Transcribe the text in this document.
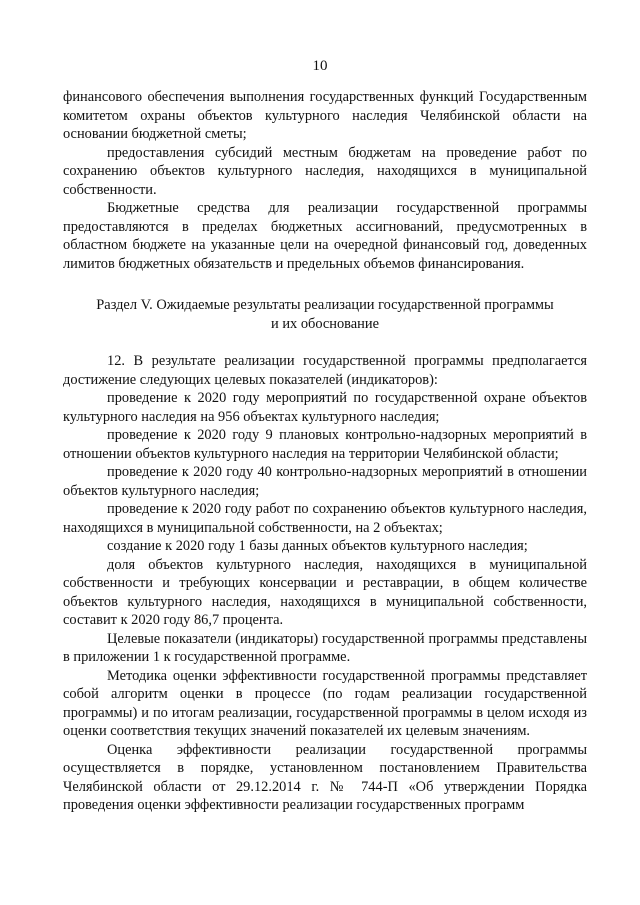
10

финансового обеспечения выполнения государственных функций Государственным комитетом охраны объектов культурного наследия Челябинской области на основании бюджетной сметы;

предоставления субсидий местным бюджетам на проведение работ по сохранению объектов культурного наследия, находящихся в муниципальной собственности.

Бюджетные средства для реализации государственной программы предоставляются в пределах бюджетных ассигнований, предусмотренных в областном бюджете на указанные цели на очередной финансовый год, доведенных лимитов бюджетных обязательств и предельных объемов финансирования.

Раздел V. Ожидаемые результаты реализации государственной программы
и их обоснование

12. В результате реализации государственной программы предполагается достижение следующих целевых показателей (индикаторов):

проведение к 2020 году мероприятий по государственной охране объектов культурного наследия на 956 объектах культурного наследия;

проведение к 2020 году 9 плановых контрольно-надзорных мероприятий в отношении объектов культурного наследия на территории Челябинской области;

проведение к 2020 году 40 контрольно-надзорных мероприятий в отношении объектов культурного наследия;

проведение к 2020 году работ по сохранению объектов культурного наследия, находящихся в муниципальной собственности, на 2 объектах;

создание к 2020 году 1 базы данных объектов культурного наследия;

доля объектов культурного наследия, находящихся в муниципальной собственности и требующих консервации и реставрации, в общем количестве объектов культурного наследия, находящихся в муниципальной собственности, составит к 2020 году 86,7 процента.

Целевые показатели (индикаторы) государственной программы представлены в приложении 1 к государственной программе.

Методика оценки эффективности государственной программы представляет собой алгоритм оценки в процессе (по годам реализации государственной программы) и по итогам реализации, государственной программы в целом исходя из оценки соответствия текущих значений показателей их целевым значениям.

Оценка эффективности реализации государственной программы осуществляется в порядке, установленном постановлением Правительства Челябинской области от 29.12.2014 г. № 744-П «Об утверждении Порядка проведения оценки эффективности реализации государственных программ
